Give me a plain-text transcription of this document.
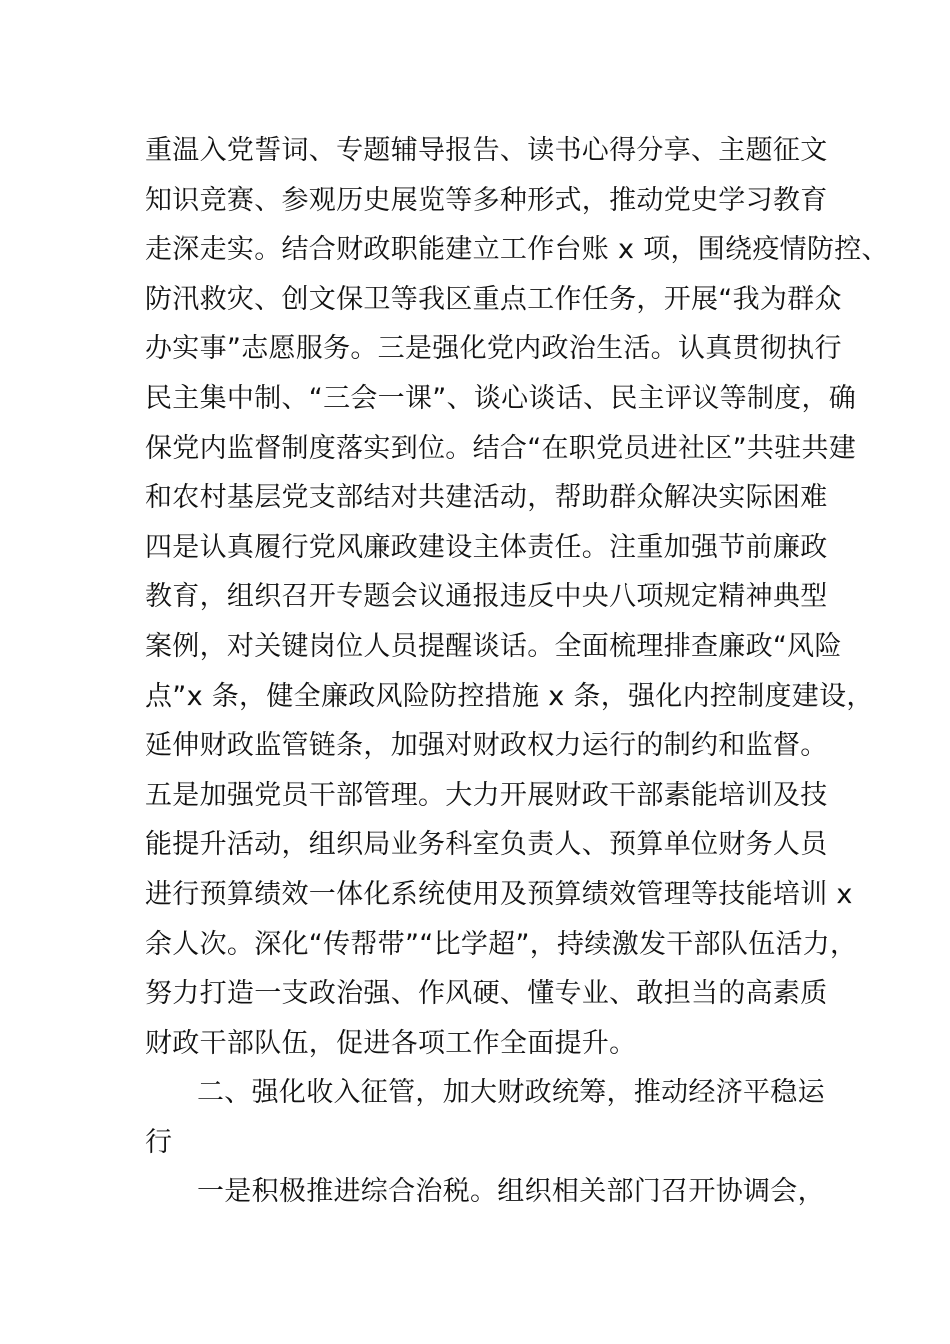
重温入党誓词、专题辅导报告、读书心得分享、主题征文
知识竞赛、参观历史展览等多种形式，推动党史学习教育
走深走实。结合财政职能建立工作台账 x 项，围绕疫情防控、
防汛救灾、创文保卫等我区重点工作任务，开展“我为群众
办实事”志愿服务。三是强化党内政治生活。认真贯彻执行
民主集中制、“三会一课”、谈心谈话、民主评议等制度，确
保党内监督制度落实到位。结合“在职党员进社区”共驻共建
和农村基层党支部结对共建活动，帮助群众解决实际困难
四是认真履行党风廉政建设主体责任。注重加强节前廉政
教育，组织召开专题会议通报违反中央八项规定精神典型
案例，对关键岗位人员提醒谈话。全面梳理排查廉政“风险
点”x 条，健全廉政风险防控措施 x 条，强化内控制度建设，
延伸财政监管链条，加强对财政权力运行的制约和监督。
五是加强党员干部管理。大力开展财政干部素能培训及技
能提升活动，组织局业务科室负责人、预算单位财务人员
进行预算绩效一体化系统使用及预算绩效管理等技能培训 x
余人次。深化“传帮带”“比学超”，持续激发干部队伍活力，
努力打造一支政治强、作风硬、懂专业、敢担当的高素质
财政干部队伍，促进各项工作全面提升。
二、强化收入征管，加大财政统筹，推动经济平稳运
行
一是积极推进综合治税。组织相关部门召开协调会，
